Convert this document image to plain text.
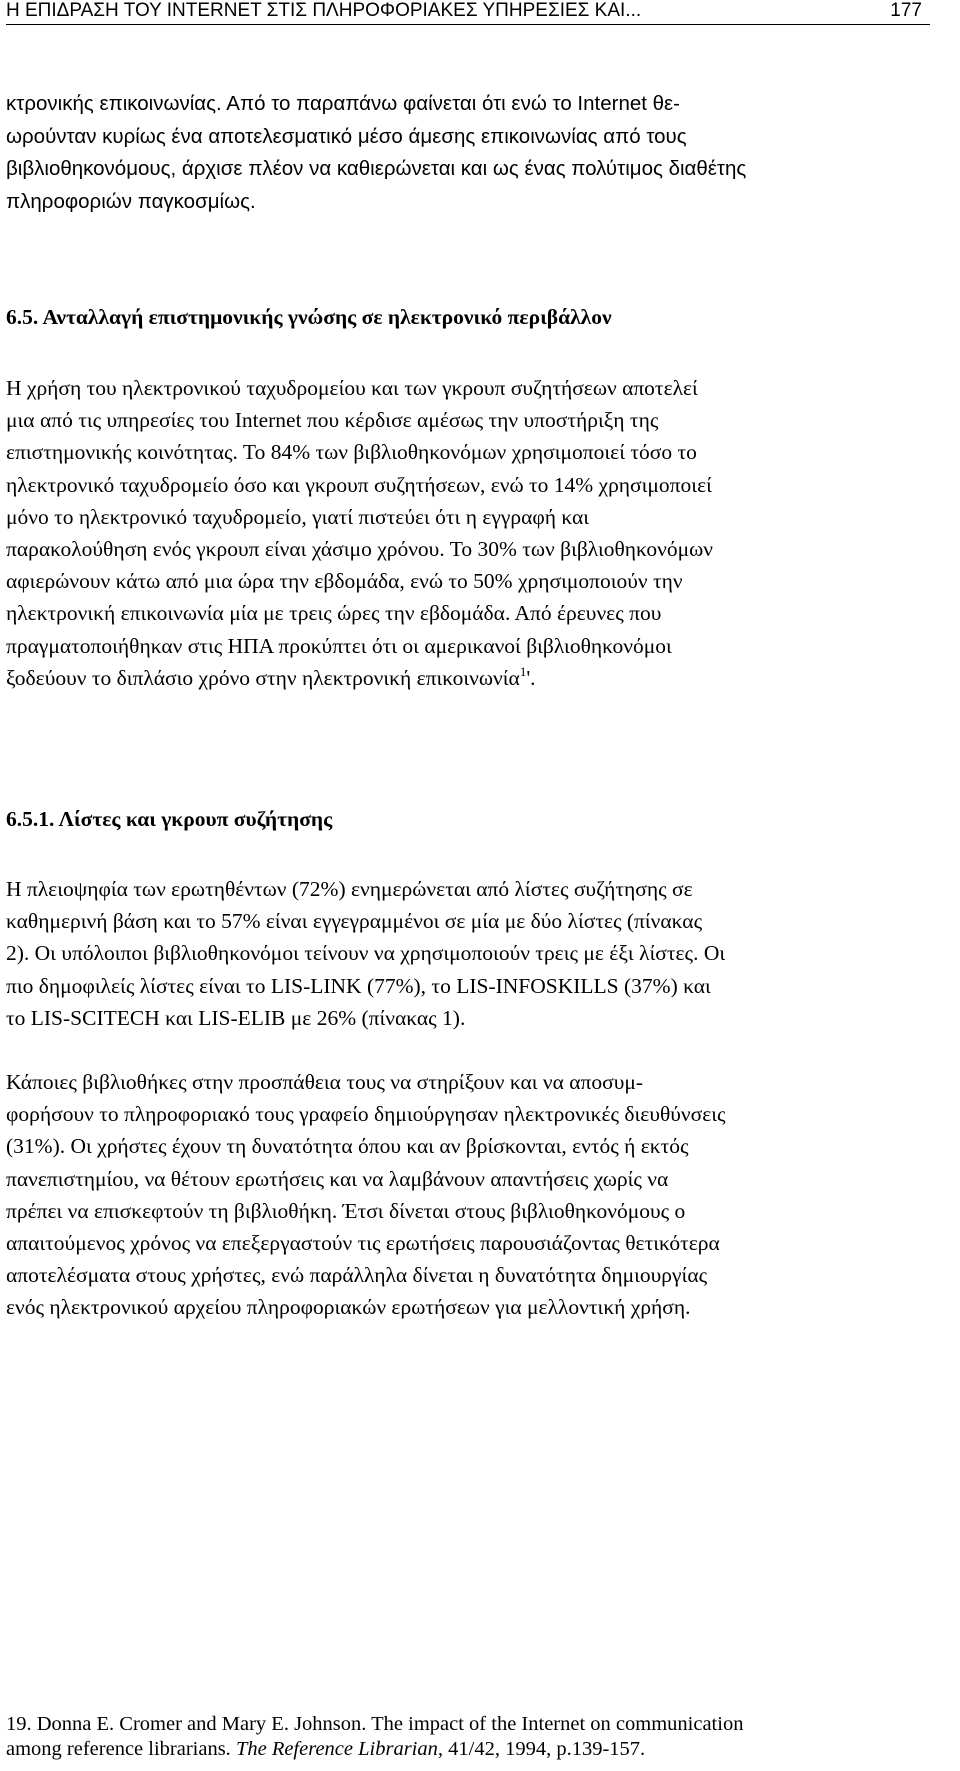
Η ΕΠΙΔΡΑΣΗ ΤΟΥ INTERNET ΣΤΙΣ ΠΛΗΡΟΦΟΡΙΑΚΕΣ ΥΠΗΡΕΣΙΕΣ ΚΑΙ...	177
κτρονικής επικοινωνίας. Από το παραπάνω φαίνεται ότι ενώ το Internet θε-
ωρούνταν κυρίως ένα αποτελεσματικό μέσο άμεσης επικοινωνίας από τους
βιβλιοθηκονόμους, άρχισε πλέον να καθιερώνεται και ως ένας πολύτιμος διαθέτης
πληροφοριών παγκοσμίως.
6.5. Ανταλλαγή επιστημονικής γνώσης σε ηλεκτρονικό περιβάλλον
Η χρήση του ηλεκτρονικού ταχυδρομείου και των γκρουπ συζητήσεων αποτελεί
μια από τις υπηρεσίες του Internet που κέρδισε αμέσως την υποστήριξη της
επιστημονικής κοινότητας. Το 84% των βιβλιοθηκονόμων χρησιμοποιεί τόσο το
ηλεκτρονικό ταχυδρομείο όσο και γκρουπ συζητήσεων, ενώ το 14% χρησιμοποιεί
μόνο το ηλεκτρονικό ταχυδρομείο, γιατί πιστεύει ότι η εγγραφή και
παρακολούθηση ενός γκρουπ είναι χάσιμο χρόνου. Το 30% των βιβλιοθηκονόμων
αφιερώνουν κάτω από μια ώρα την εβδομάδα, ενώ το 50% χρησιμοποιούν την
ηλεκτρονική επικοινωνία μία με τρεις ώρες την εβδομάδα. Από έρευνες που
πραγματοποιήθηκαν στις ΗΠΑ προκύπτει ότι οι αμερικανοί βιβλιοθηκονόμοι
ξοδεύουν το διπλάσιο χρόνο στην ηλεκτρονική επικοινωνία$^1$'.
6.5.1. Λίστες και γκρουπ συζήτησης
Η πλειοψηφία των ερωτηθέντων (72%) ενημερώνεται από λίστες συζήτησης σε
καθημερινή βάση και το 57% είναι εγγεγραμμένοι σε μία με δύο λίστες (πίνακας
2). Οι υπόλοιποι βιβλιοθηκονόμοι τείνουν να χρησιμοποιούν τρεις με έξι λίστες. Οι
πιο δημοφιλείς λίστες είναι το LIS-LINK (77%), το LIS-INFOSKILLS (37%) και
το LIS-SCITECH και LIS-ELIB με 26% (πίνακας 1).
Κάποιες βιβλιοθήκες στην προσπάθεια τους να στηρίξουν και να αποσυμ-
φορήσουν το πληροφοριακό τους γραφείο δημιούργησαν ηλεκτρονικές διευθύνσεις
(31%). Οι χρήστες έχουν τη δυνατότητα όπου και αν βρίσκονται, εντός ή εκτός
πανεπιστημίου, να θέτουν ερωτήσεις και να λαμβάνουν απαντήσεις χωρίς να
πρέπει να επισκεφτούν τη βιβλιοθήκη. Έτσι δίνεται στους βιβλιοθηκονόμους ο
απαιτούμενος χρόνος να επεξεργαστούν τις ερωτήσεις παρουσιάζοντας θετικότερα
αποτελέσματα στους χρήστες, ενώ παράλληλα δίνεται η δυνατότητα δημιουργίας
ενός ηλεκτρονικού αρχείου πληροφοριακών ερωτήσεων για μελλοντική χρήση.
19. Donna E. Cromer and Mary E. Johnson. The impact of the Internet on communication
among reference librarians. The Reference Librarian, 41/42, 1994, p.139-157.
